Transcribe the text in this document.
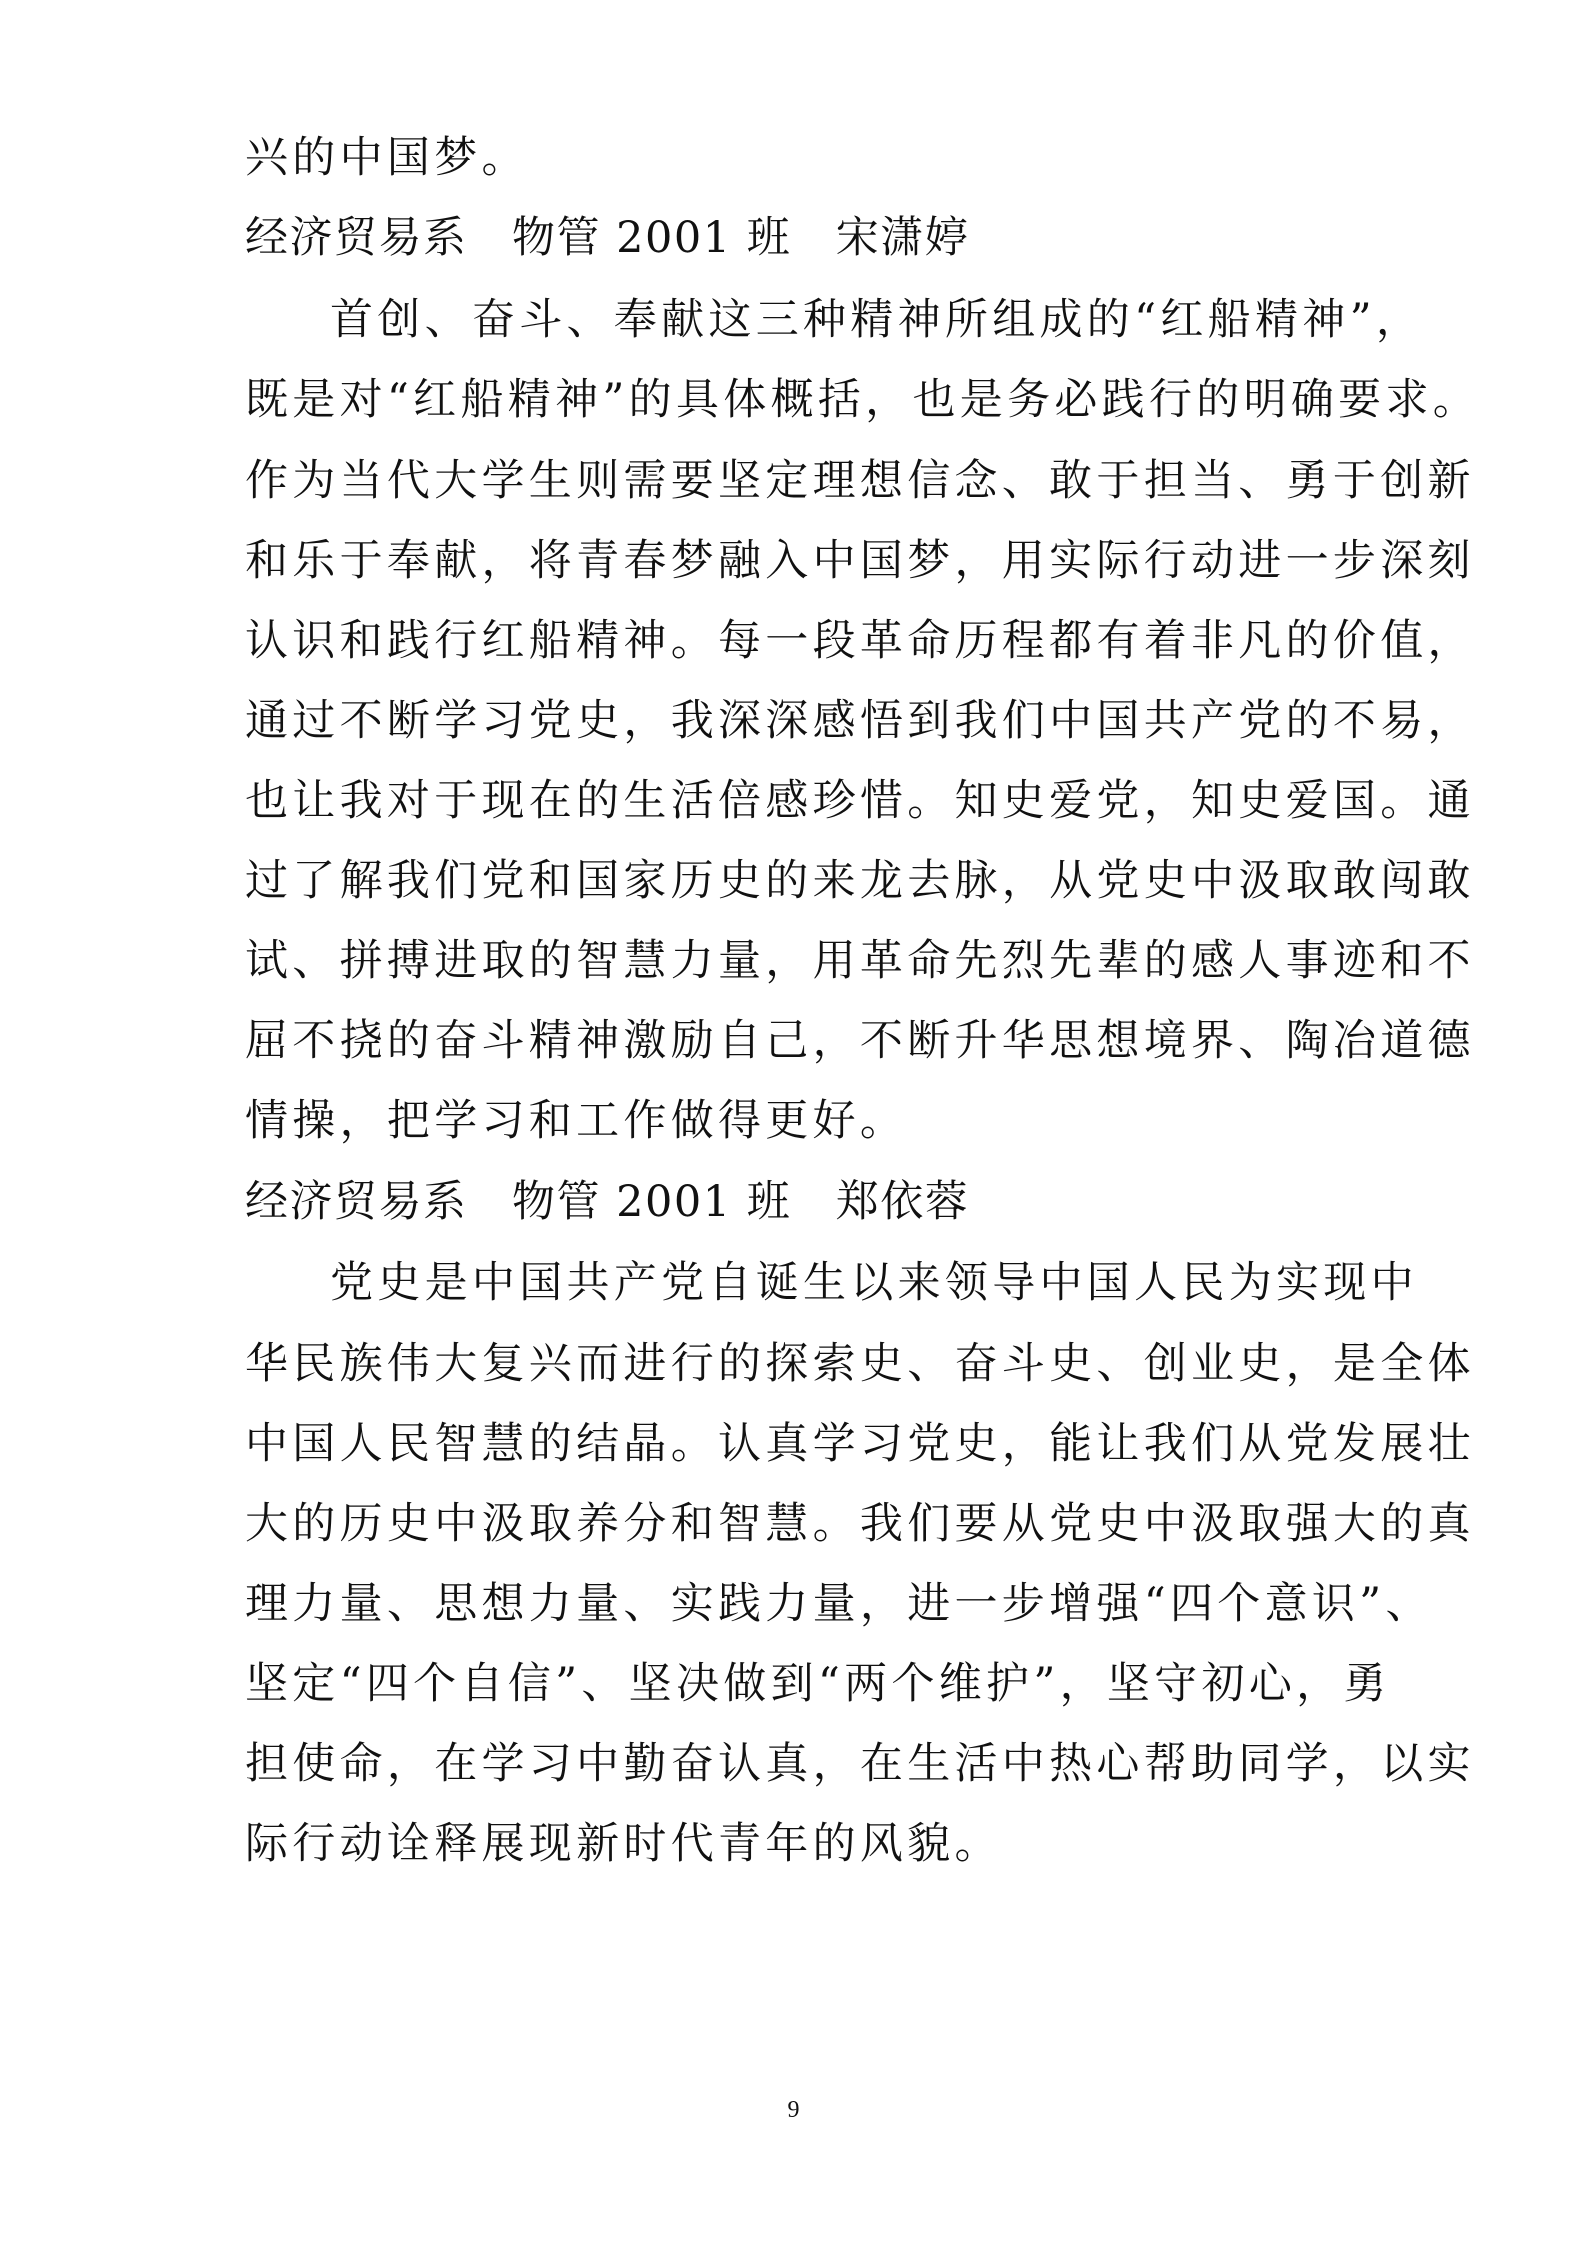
兴的中国梦。
经济贸易系　物管 2001 班　宋潇婷
首创、奋斗、奉献这三种精神所组成的“红船精神”，
既是对“红船精神”的具体概括，也是务必践行的明确要求。
作为当代大学生则需要坚定理想信念、敢于担当、勇于创新
和乐于奉献，将青春梦融入中国梦，用实际行动进一步深刻
认识和践行红船精神。每一段革命历程都有着非凡的价值，
通过不断学习党史，我深深感悟到我们中国共产党的不易，
也让我对于现在的生活倍感珍惜。知史爱党，知史爱国。通
过了解我们党和国家历史的来龙去脉，从党史中汲取敢闯敢
试、拼搏进取的智慧力量，用革命先烈先辈的感人事迹和不
屈不挠的奋斗精神激励自己，不断升华思想境界、陶冶道德
情操，把学习和工作做得更好。
经济贸易系　物管 2001 班　郑依蓉
党史是中国共产党自诞生以来领导中国人民为实现中
华民族伟大复兴而进行的探索史、奋斗史、创业史，是全体
中国人民智慧的结晶。认真学习党史，能让我们从党发展壮
大的历史中汲取养分和智慧。我们要从党史中汲取强大的真
理力量、思想力量、实践力量，进一步增强“四个意识”、
坚定“四个自信”、坚决做到“两个维护”，坚守初心，勇
担使命，在学习中勤奋认真，在生活中热心帮助同学，以实
际行动诠释展现新时代青年的风貌。
9
